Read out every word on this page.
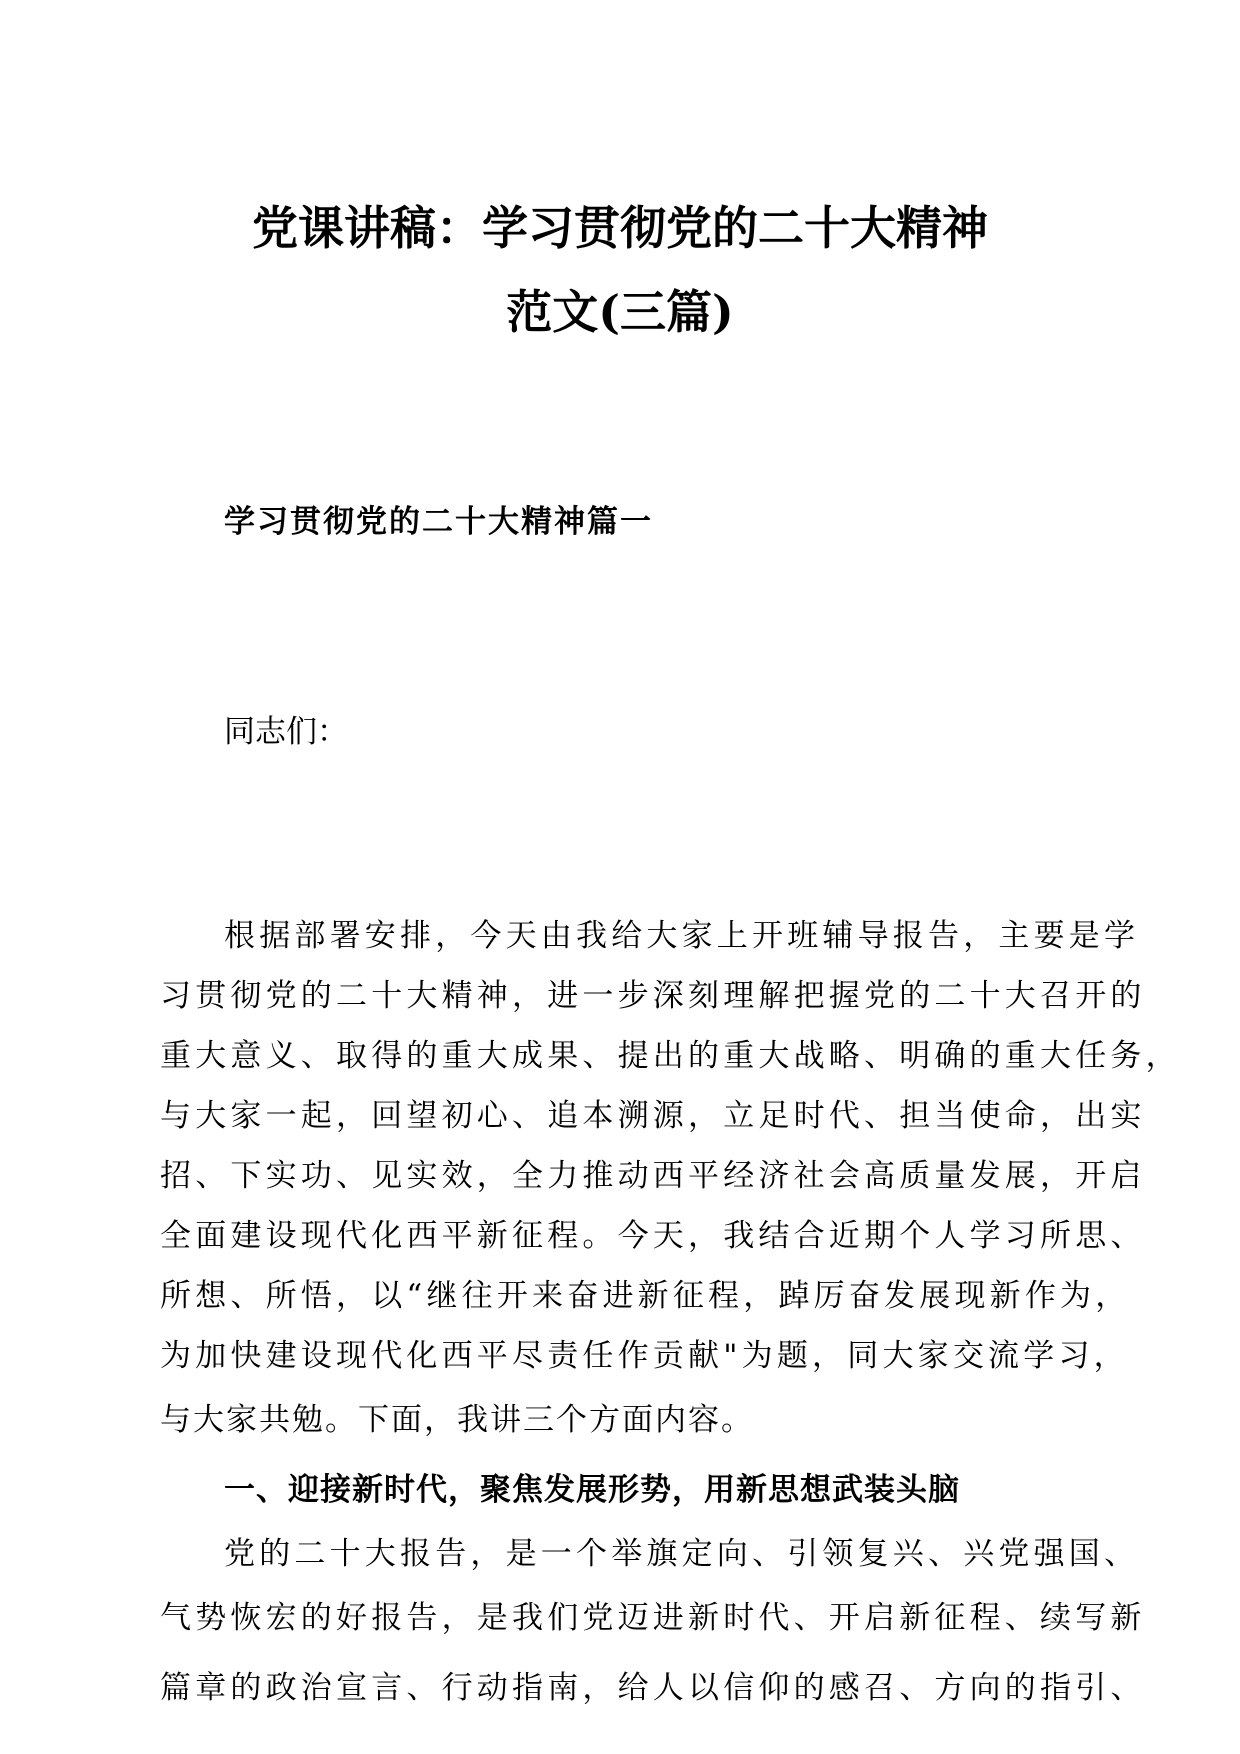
党课讲稿：学习贯彻党的二十大精神
范文(三篇)
学习贯彻党的二十大精神篇一
同志们：
根据部署安排，今天由我给大家上开班辅导报告，主要是学
习贯彻党的二十大精神，进一步深刻理解把握党的二十大召开的
重大意义、取得的重大成果、提出的重大战略、明确的重大任务，
与大家一起，回望初心、追本溯源，立足时代、担当使命，出实
招、下实功、见实效，全力推动西平经济社会高质量发展，开启
全面建设现代化西平新征程。今天，我结合近期个人学习所思、
所想、所悟，以“继往开来奋进新征程，踔厉奋发展现新作为，
为加快建设现代化西平尽责任作贡献"为题，同大家交流学习，
与大家共勉。下面，我讲三个方面内容。
一、迎接新时代，聚焦发展形势，用新思想武装头脑
党的二十大报告，是一个举旗定向、引领复兴、兴党强国、
气势恢宏的好报告，是我们党迈进新时代、开启新征程、续写新
篇章的政治宣言、行动指南，给人以信仰的感召、方向的指引、
